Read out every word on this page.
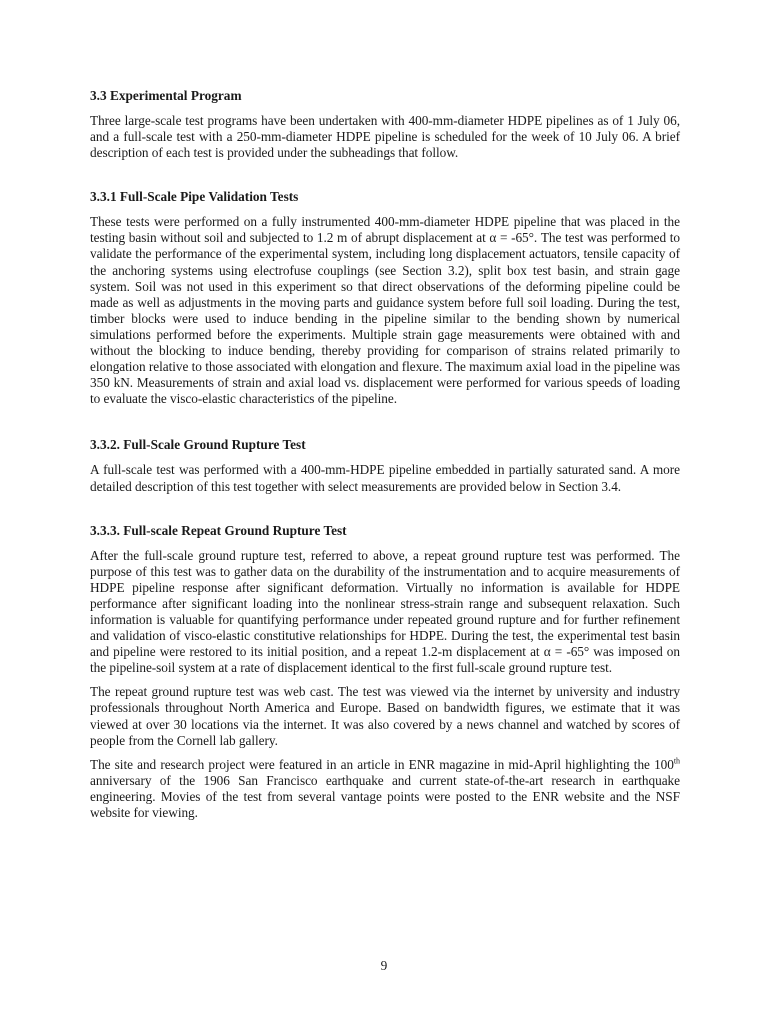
3.3 Experimental Program

Three large-scale test programs have been undertaken with 400-mm-diameter HDPE pipelines as of 1 July 06, and a full-scale test with a 250-mm-diameter HDPE pipeline is scheduled for the week of 10 July 06. A brief description of each test is provided under the subheadings that follow.

3.3.1 Full-Scale Pipe Validation Tests

These tests were performed on a fully instrumented 400-mm-diameter HDPE pipeline that was placed in the testing basin without soil and subjected to 1.2 m of abrupt displacement at α = -65°. The test was performed to validate the performance of the experimental system, including long displacement actuators, tensile capacity of the anchoring systems using electrofuse couplings (see Section 3.2), split box test basin, and strain gage system. Soil was not used in this experiment so that direct observations of the deforming pipeline could be made as well as adjustments in the moving parts and guidance system before full soil loading. During the test, timber blocks were used to induce bending in the pipeline similar to the bending shown by numerical simulations performed before the experiments. Multiple strain gage measurements were obtained with and without the blocking to induce bending, thereby providing for comparison of strains related primarily to elongation relative to those associated with elongation and flexure. The maximum axial load in the pipeline was 350 kN. Measurements of strain and axial load vs. displacement were performed for various speeds of loading to evaluate the visco-elastic characteristics of the pipeline.

3.3.2. Full-Scale Ground Rupture Test

A full-scale test was performed with a 400-mm-HDPE pipeline embedded in partially saturated sand. A more detailed description of this test together with select measurements are provided below in Section 3.4.

3.3.3. Full-scale Repeat Ground Rupture Test

After the full-scale ground rupture test, referred to above, a repeat ground rupture test was performed. The purpose of this test was to gather data on the durability of the instrumentation and to acquire measurements of HDPE pipeline response after significant deformation. Virtually no information is available for HDPE performance after significant loading into the nonlinear stress-strain range and subsequent relaxation. Such information is valuable for quantifying performance under repeated ground rupture and for further refinement and validation of visco-elastic constitutive relationships for HDPE. During the test, the experimental test basin and pipeline were restored to its initial position, and a repeat 1.2-m displacement at α = -65° was imposed on the pipeline-soil system at a rate of displacement identical to the first full-scale ground rupture test.

The repeat ground rupture test was web cast. The test was viewed via the internet by university and industry professionals throughout North America and Europe. Based on bandwidth figures, we estimate that it was viewed at over 30 locations via the internet. It was also covered by a news channel and watched by scores of people from the Cornell lab gallery.

The site and research project were featured in an article in ENR magazine in mid-April highlighting the 100th anniversary of the 1906 San Francisco earthquake and current state-of-the-art research in earthquake engineering. Movies of the test from several vantage points were posted to the ENR website and the NSF website for viewing.

9
